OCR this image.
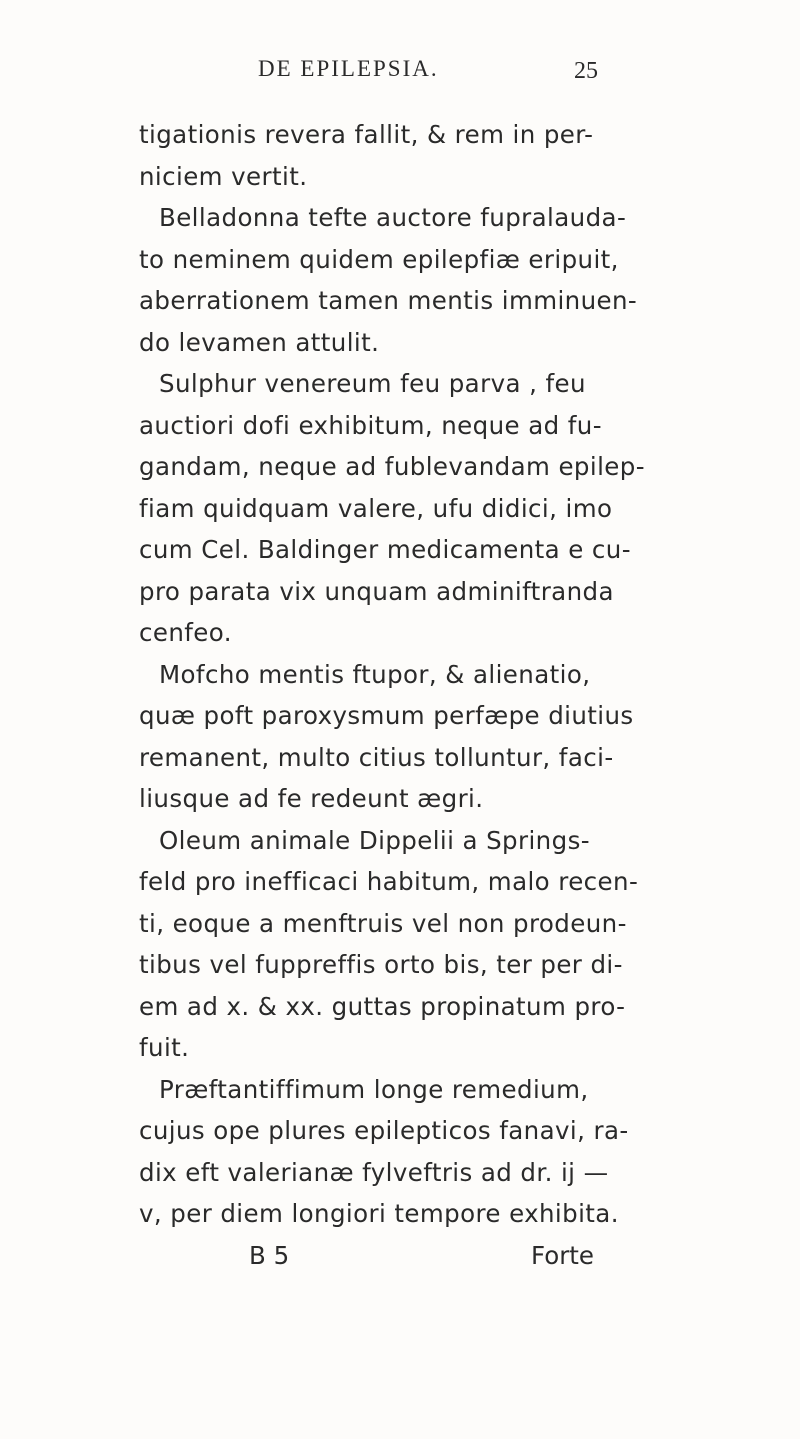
DE EPILEPSIA.	25
tigationis revera fallit, & rem in per-
niciem vertit.
Belladonna tefte auctore fupralauda-
to neminem quidem epilepfiæ eripuit,
aberrationem tamen mentis imminuen-
do levamen attulit.
Sulphur venereum feu parva , feu
auctiori dofi exhibitum, neque ad fu-
gandam, neque ad fublevandam epilep-
fiam quidquam valere, ufu didici, imo
cum Cel. Baldinger medicamenta e cu-
pro parata vix unquam adminiftranda
cenfeo.
Mofcho mentis ftupor, & alienatio,
quæ poft paroxysmum perfæpe diutius
remanent, multo citius tolluntur, faci-
liusque ad fe redeunt ægri.
Oleum animale Dippelii a Springs-
feld pro inefficaci habitum, malo recen-
ti, eoque a menftruis vel non prodeun-
tibus vel fuppreffis orto bis, ter per di-
em ad x. & xx. guttas propinatum pro-
fuit.
Præftantiffimum longe remedium,
cujus ope plures epilepticos fanavi, ra-
dix eft valerianæ fylveftris ad dr. ij —
v, per diem longiori tempore exhibita.
B 5	Forte
